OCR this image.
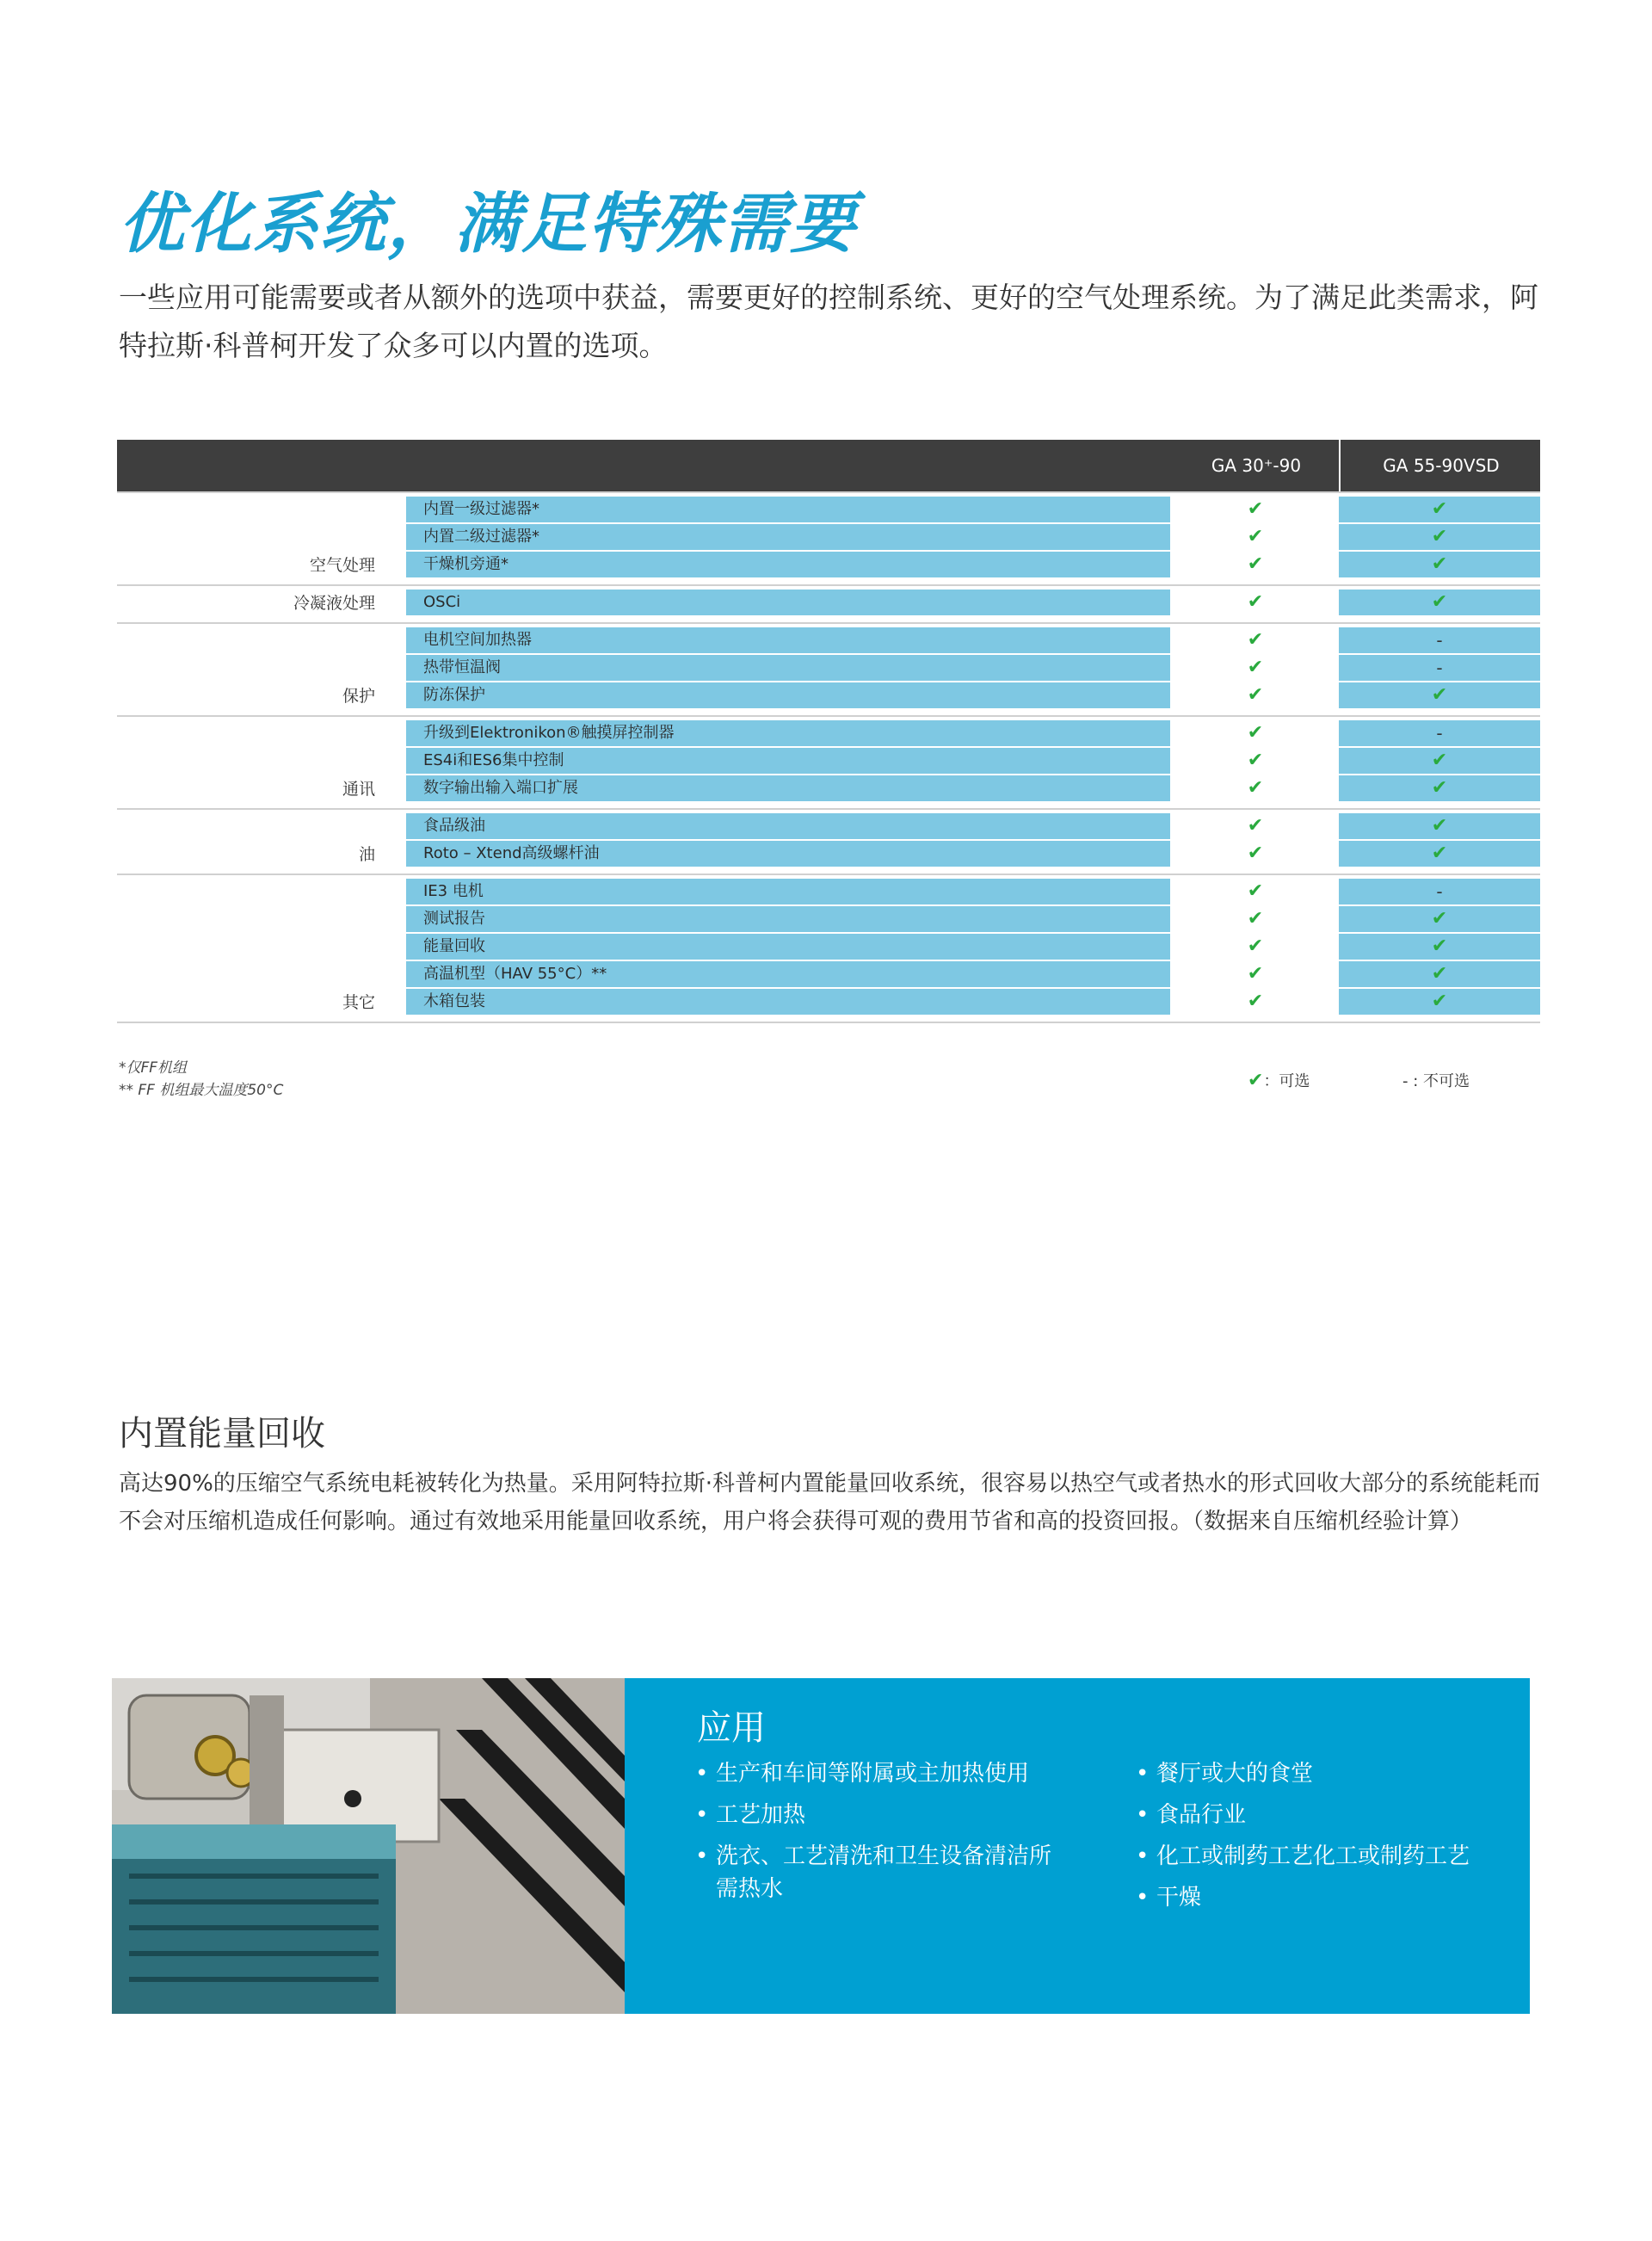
优化系统，满足特殊需要

一些应用可能需要或者从额外的选项中获益，需要更好的控制系统、更好的空气处理系统。为了满足此类需求，阿特拉斯·科普柯开发了众多可以内置的选项。

GA 30⁺-90	GA 55-90VSD
空气处理
内置一级过滤器*	✔	✔
内置二级过滤器*	✔	✔
干燥机旁通*	✔	✔
冷凝液处理	OSCi	✔	✔
保护
电机空间加热器	✔	-
热带恒温阀	✔	-
防冻保护	✔	✔
通讯
升级到Elektronikon®触摸屏控制器	✔	-
ES4i和ES6集中控制	✔	✔
数字输出输入端口扩展	✔	✔
油
食品级油	✔	✔
Roto – Xtend高级螺杆油	✔	✔
其它
IE3 电机	✔	-
测试报告	✔	✔
能量回收	✔	✔
高温机型（HAV 55°C）**	✔	✔
木箱包装	✔	✔
*仅FF机组
** FF 机组最大温度50°C	✔：可选	- : 不可选
内置能量回收

高达90%的压缩空气系统电耗被转化为热量。采用阿特拉斯·科普柯内置能量回收系统，很容易以热空气或者热水的形式回收大部分的系统能耗而不会对压缩机造成任何影响。通过有效地采用能量回收系统，用户将会获得可观的费用节省和高的投资回报。（数据来自压缩机经验计算）

应用
• 生产和车间等附属或主加热使用
• 工艺加热
• 洗衣、工艺清洗和卫生设备清洁所需热水
• 餐厅或大的食堂
• 食品行业
• 化工或制药工艺化工或制药工艺
• 干燥
